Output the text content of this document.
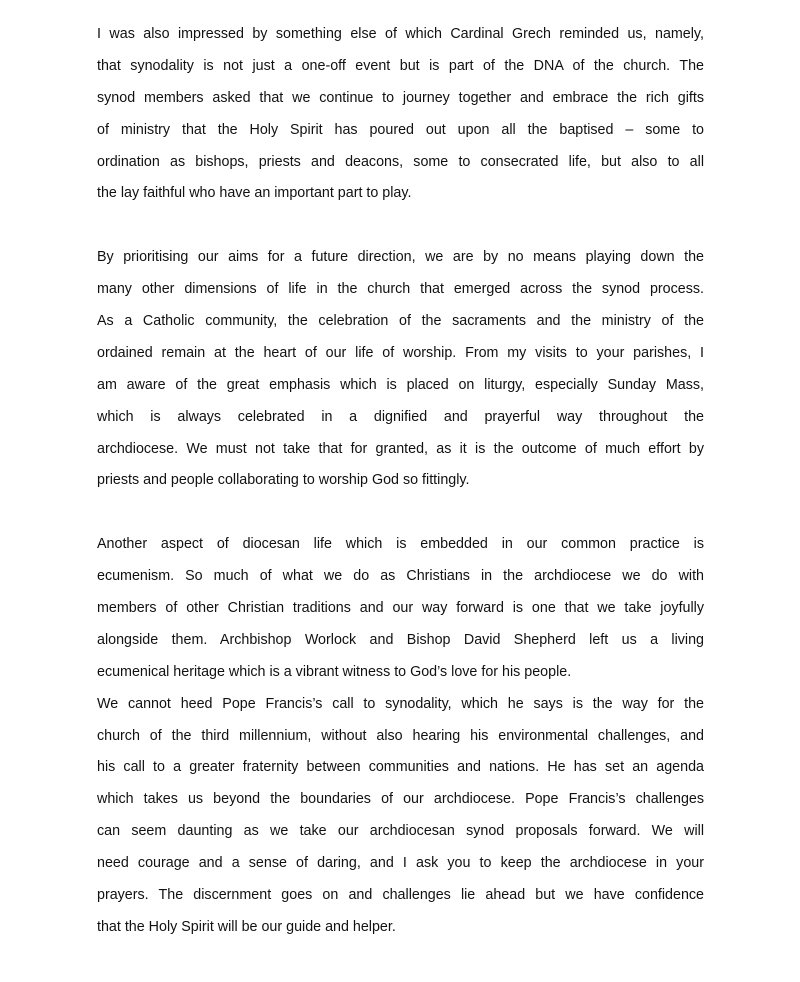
I was also impressed by something else of which Cardinal Grech reminded us, namely,
that synodality is not just a one-off event but is part of the DNA of the church. The
synod members asked that we continue to journey together and embrace the rich gifts
of ministry that the Holy Spirit has poured out upon all the baptised – some to
ordination as bishops, priests and deacons, some to consecrated life, but also to all
the lay faithful who have an important part to play.
By prioritising our aims for a future direction, we are by no means playing down the
many other dimensions of life in the church that emerged across the synod process.
As a Catholic community, the celebration of the sacraments and the ministry of the
ordained remain at the heart of our life of worship. From my visits to your parishes, I
am aware of the great emphasis which is placed on liturgy, especially Sunday Mass,
which is always celebrated in a dignified and prayerful way throughout the
archdiocese. We must not take that for granted, as it is the outcome of much effort by
priests and people collaborating to worship God so fittingly.
Another aspect of diocesan life which is embedded in our common practice is
ecumenism. So much of what we do as Christians in the archdiocese we do with
members of other Christian traditions and our way forward is one that we take joyfully
alongside them. Archbishop Worlock and Bishop David Shepherd left us a living
ecumenical heritage which is a vibrant witness to God’s love for his people.
We cannot heed Pope Francis’s call to synodality, which he says is the way for the
church of the third millennium, without also hearing his environmental challenges, and
his call to a greater fraternity between communities and nations. He has set an agenda
which takes us beyond the boundaries of our archdiocese. Pope Francis’s challenges
can seem daunting as we take our archdiocesan synod proposals forward. We will
need courage and a sense of daring, and I ask you to keep the archdiocese in your
prayers. The discernment goes on and challenges lie ahead but we have confidence
that the Holy Spirit will be our guide and helper.
